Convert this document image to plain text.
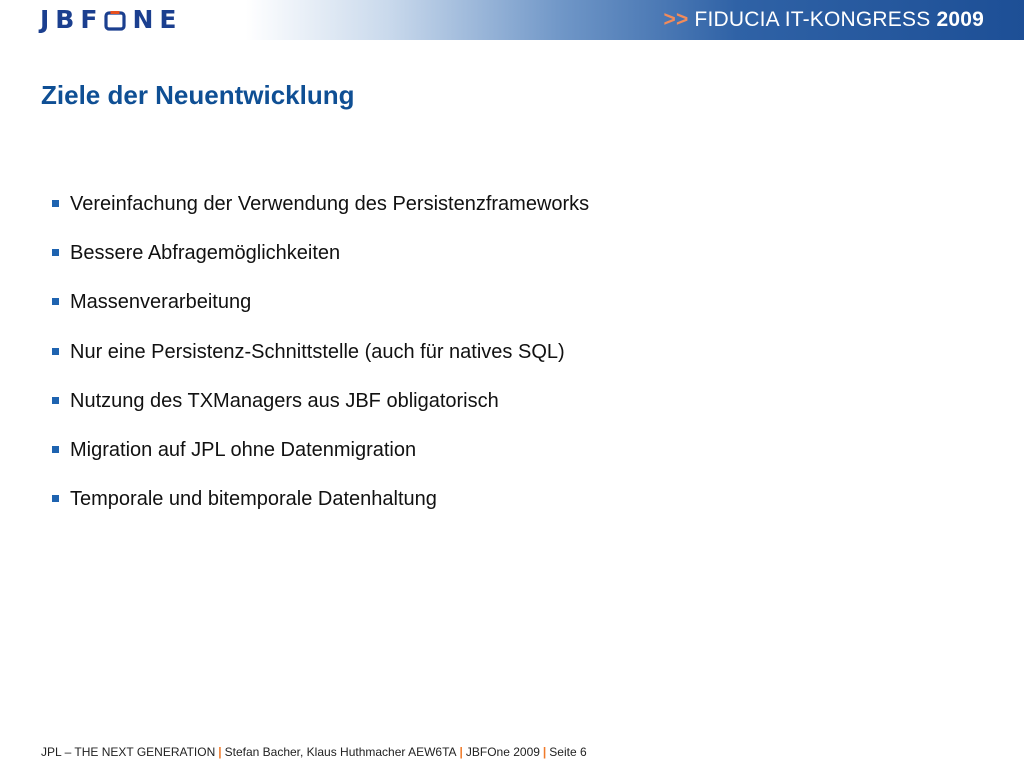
JBF NE	>> FIDUCIA IT-KONGRESS 2009
Ziele der Neuentwicklung
Vereinfachung der Verwendung des Persistenzframeworks
Bessere Abfragemöglichkeiten
Massenverarbeitung
Nur eine Persistenz-Schnittstelle (auch für natives SQL)
Nutzung des TXManagers aus JBF obligatorisch
Migration auf JPL ohne Datenmigration
Temporale und bitemporale Datenhaltung
JPL – THE NEXT GENERATION | Stefan Bacher, Klaus Huthmacher AEW6TA | JBFOne 2009 | Seite 6
